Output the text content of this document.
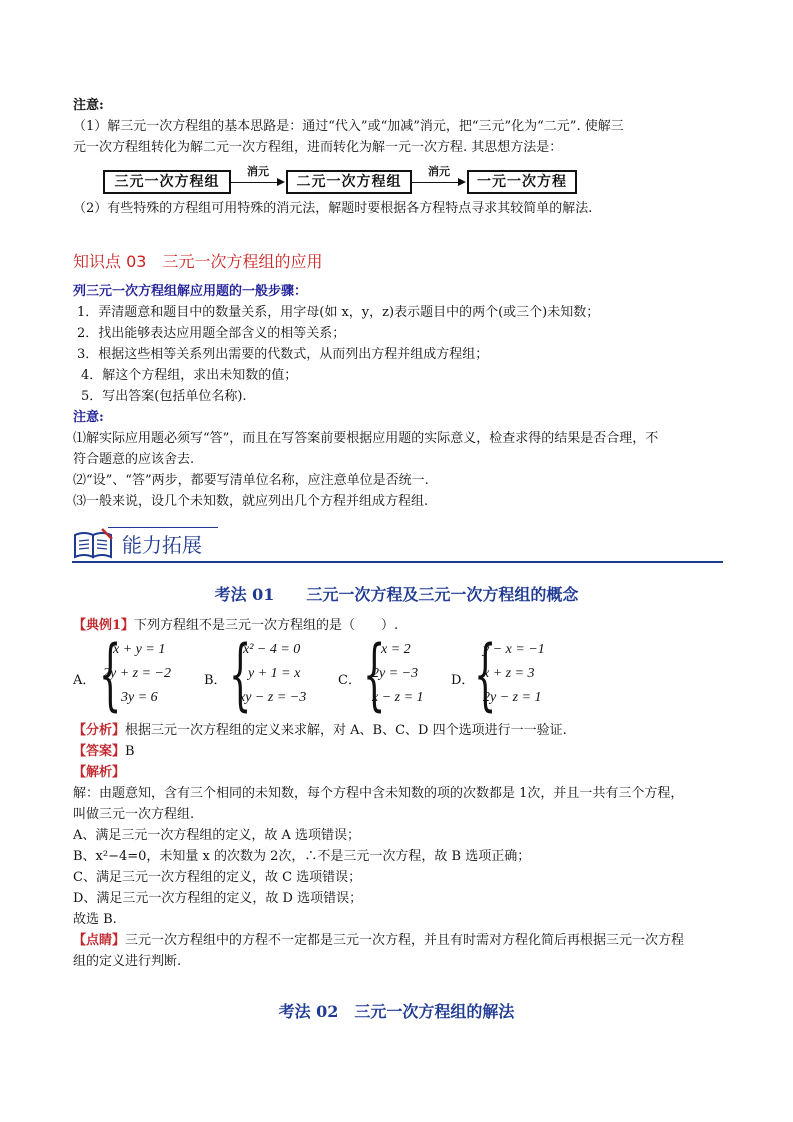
注意:
（1）解三元一次方程组的基本思路是：通过“代入”或“加减”消元，把“三元”化为“二元”. 使解三
元一次方程组转化为解二元一次方程组，进而转化为解一元一次方程. 其思想方法是：
三元一次方程组
消元
二元一次方程组
消元
一元一次方程
（2）有些特殊的方程组可用特殊的消元法，解题时要根据各方程特点寻求其较简单的解法.
知识点 03　三元一次方程组的应用
列三元一次方程组解应用题的一般步骤：
1．弄清题意和题目中的数量关系，用字母(如 x，y，z)表示题目中的两个(或三个)未知数；
2．找出能够表达应用题全部含义的相等关系；
3．根据这些相等关系列出需要的代数式，从而列出方程并组成方程组；
4．解这个方程组，求出未知数的值；
5．写出答案(包括单位名称).
注意:
⑴解实际应用题必须写“答”，而且在写答案前要根据应用题的实际意义，检查求得的结果是否合理，不
符合题意的应该舍去.
⑵“设”、“答”两步，都要写清单位名称，应注意单位是否统一.
⑶一般来说，设几个未知数，就应列出几个方程并组成方程组.
能力拓展
考法 01　　三元一次方程及三元一次方程组的概念
【典例1】下列方程组不是三元一次方程组的是（　　）.
A． {
x + y = 1
2y + z = −2
3y = 6
B． {
x² − 4 = 0
y + 1 = x
xy − z = −3
C． {
x = 2
2y = −3
x − z = 1
D． {
y − x = −1
x + z = 3
2y − z = 1
【分析】根据三元一次方程组的定义来求解，对 A、B、C、D 四个选项进行一一验证.
【答案】B
【解析】
解：由题意知，含有三个相同的未知数，每个方程中含未知数的项的次数都是 1次，并且一共有三个方程，
叫做三元一次方程组.
A、满足三元一次方程组的定义，故 A 选项错误；
B、x²−4=0，未知量 x 的次数为 2次，∴不是三元一次方程，故 B 选项正确；
C、满足三元一次方程组的定义，故 C 选项错误；
D、满足三元一次方程组的定义，故 D 选项错误；
故选 B.
【点睛】三元一次方程组中的方程不一定都是三元一次方程，并且有时需对方程化简后再根据三元一次方程
组的定义进行判断.
考法 02　三元一次方程组的解法
